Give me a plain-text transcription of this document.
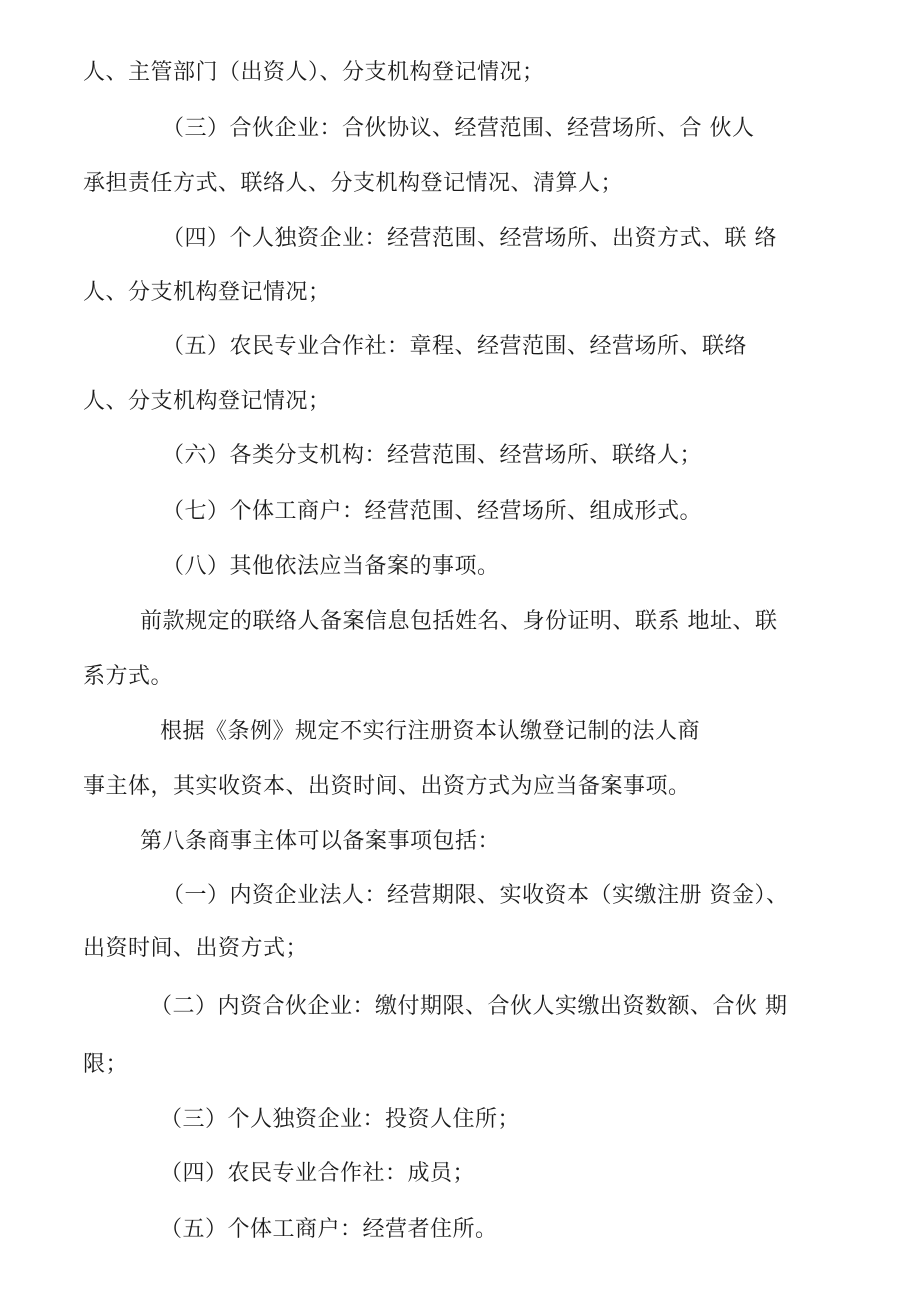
人、主管部门（出资人）、分支机构登记情况；
（三）合伙企业：合伙协议、经营范围、经营场所、合 伙人
承担责任方式、联络人、分支机构登记情况、清算人；
（四）个人独资企业：经营范围、经营场所、出资方式、联 络
人、分支机构登记情况；
（五）农民专业合作社：章程、经营范围、经营场所、联络
人、分支机构登记情况；
（六）各类分支机构：经营范围、经营场所、联络人；
（七）个体工商户：经营范围、经营场所、组成形式。
（八）其他依法应当备案的事项。
前款规定的联络人备案信息包括姓名、身份证明、联系 地址、联
系方式。
根据《条例》规定不实行注册资本认缴登记制的法人商
事主体，其实收资本、出资时间、出资方式为应当备案事项。
第八条商事主体可以备案事项包括：
（一）内资企业法人：经营期限、实收资本（实缴注册 资金）、
出资时间、出资方式；
（二）内资合伙企业：缴付期限、合伙人实缴出资数额、合伙 期
限；
（三）个人独资企业：投资人住所；
（四）农民专业合作社：成员；
（五）个体工商户：经营者住所。
